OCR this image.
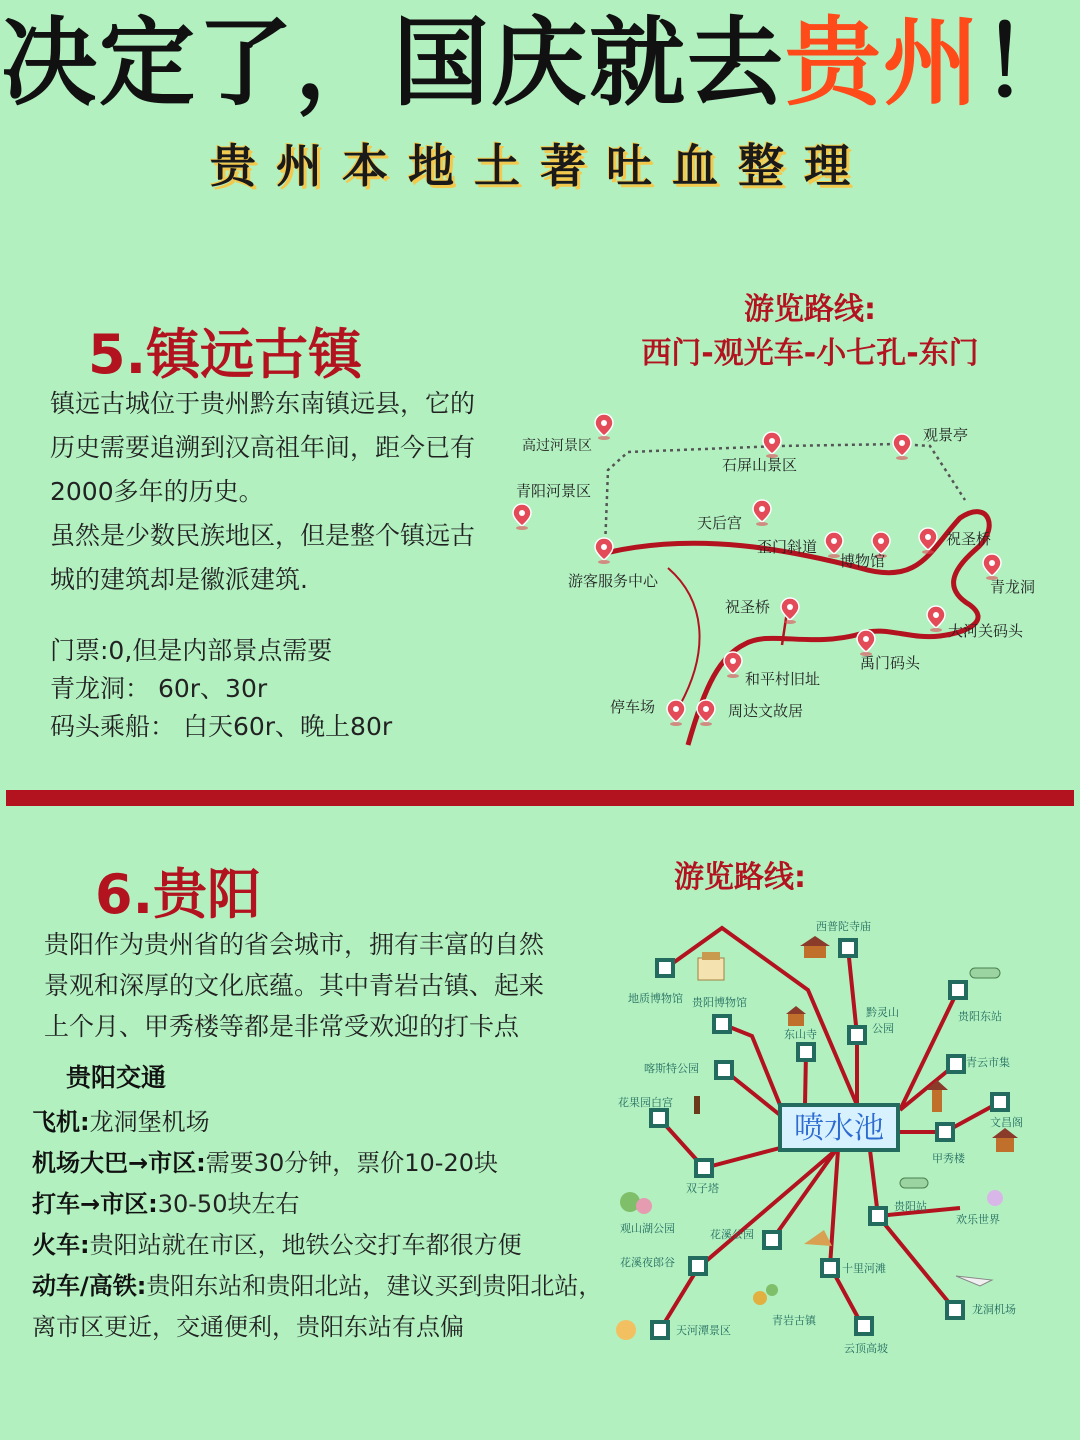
决定了，国庆就去贵州！
贵州本地土著吐血整理
5.镇远古镇
游览路线:
西门-观光车-小七孔-东门

镇远古城位于贵州黔东南镇远县，它的

历史需要追溯到汉高祖年间，距今已有

2000多年的历史。

虽然是少数民族地区，但是整个镇远古

城的建筑却是徽派建筑.

门票:0,但是内部景点需要

青龙洞： 60r、30r

码头乘船： 白天60r、晚上80r

高过河景区
青阳河景区
石屏山景区
观景亭
天后宫
歪门斜道
博物馆
祝圣桥
青龙洞
游客服务中心
祝圣桥
大河关码头
禹门码头
和平村旧址
停车场	周达文故居
6.贵阳	游览路线:

贵阳作为贵州省的省会城市，拥有丰富的自然

景观和深厚的文化底蕴。其中青岩古镇、起来

上个月、甲秀楼等都是非常受欢迎的打卡点

贵阳交通

飞机:龙洞堡机场

机场大巴→市区:需要30分钟，票价10-20块

打车→市区:30-50块左右

火车:贵阳站就在市区，地铁公交打车都很方便

动车/高铁:贵阳东站和贵阳北站，建议买到贵阳北站，

离市区更近，交通便利，贵阳东站有点偏

喷水池
西普陀寺庙
地质博物馆 贵阳博物馆
东山寺
黔灵山
公园
贵阳东站
青云市集
喀斯特公园
花果园白宫
文昌阁
甲秀楼
双子塔
贵阳站
欢乐世界
观山湖公园	花溪公园
花溪夜郎谷	十里河滩
龙洞机场
天河潭景区
青岩古镇
云顶高坡
